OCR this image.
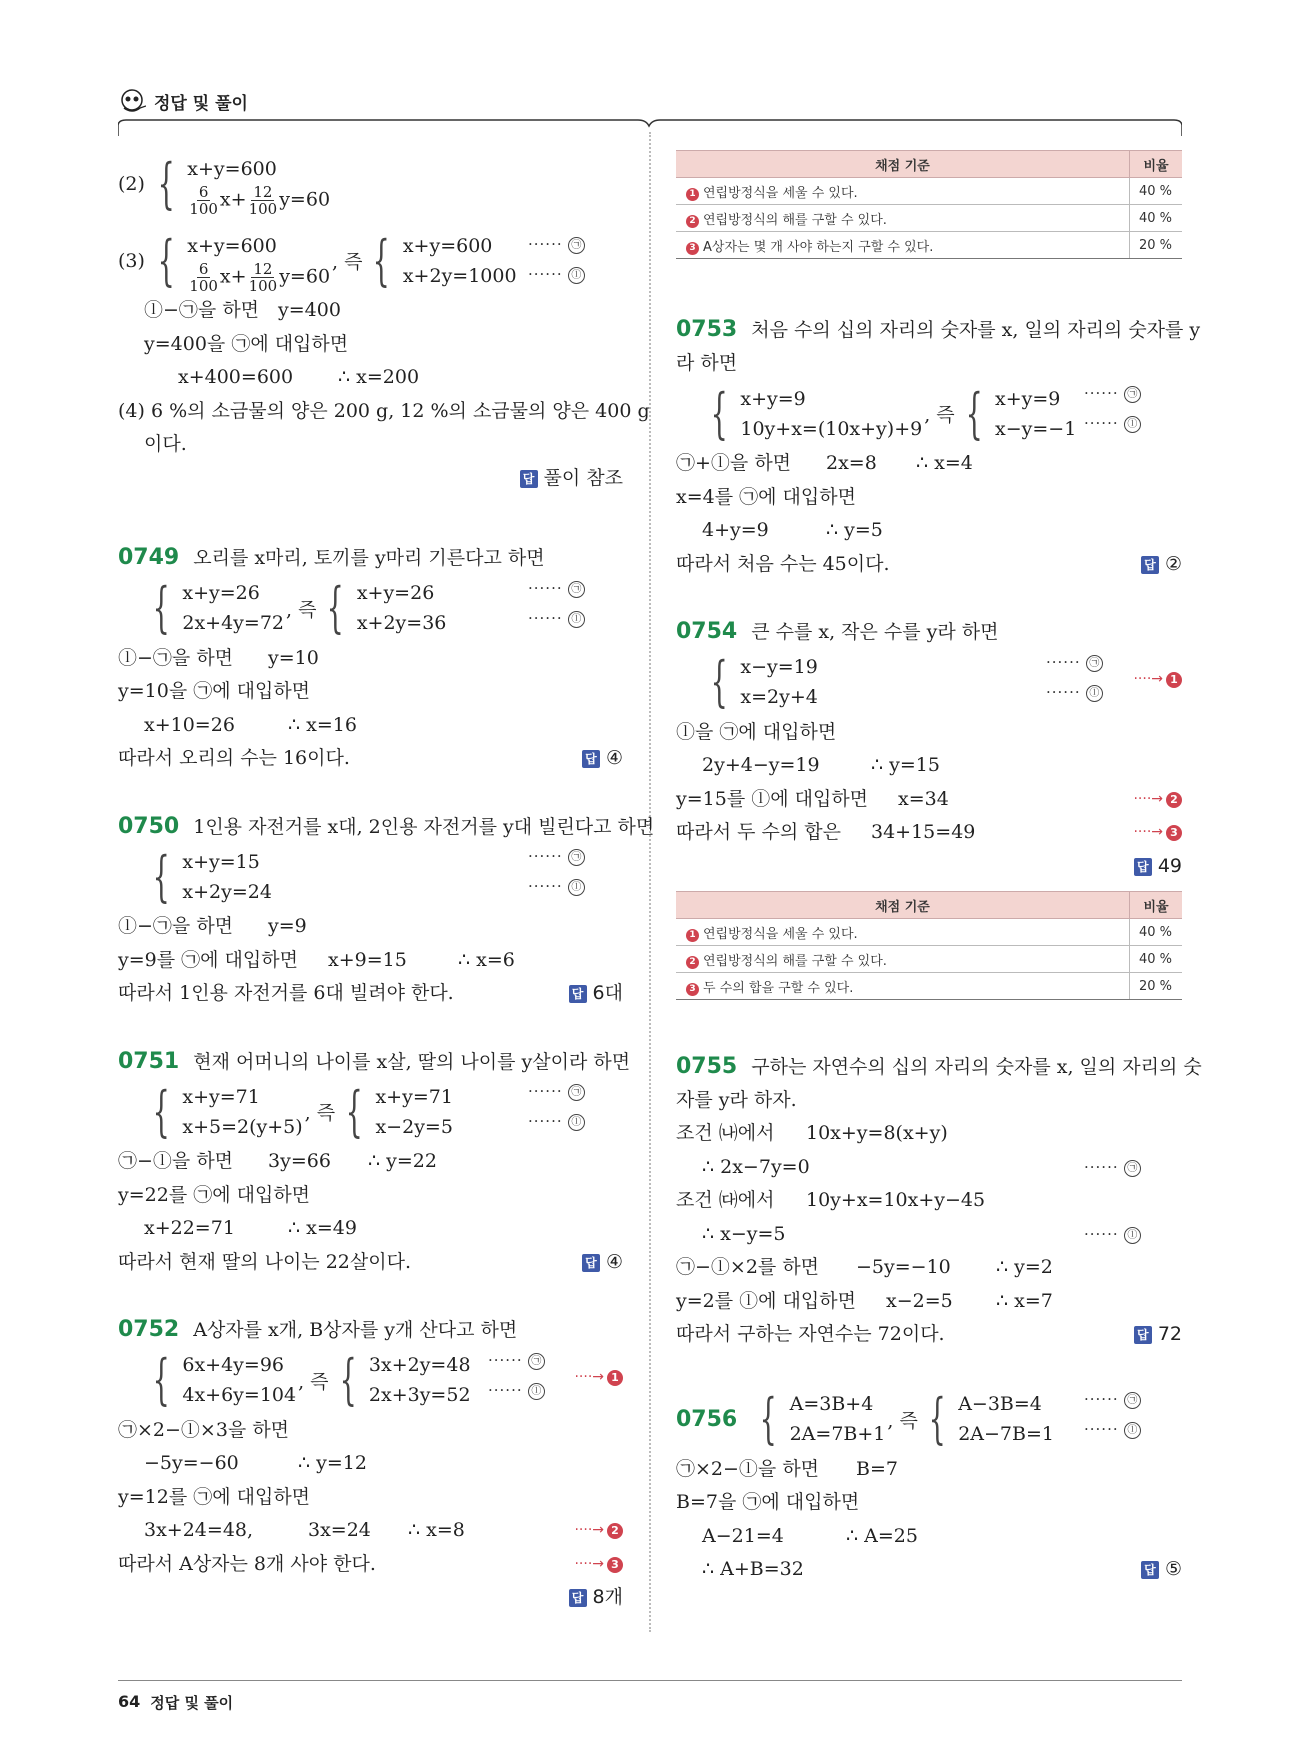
정답 및 풀이
(2) { x+y=600
$\frac{6}{100} x+ \frac{12}{100} y=60$
(3) { x+y=600
$\frac{6}{100} x+ \frac{12}{100} y=60$
, 즉 { x+y=600
x+2y=1000
······ ㉠
······ ⓛ
ⓛ−㉠을 하면 y=400
y=400을 ㉠에 대입하면
x+400=600 ∴ x=200
(4) 6 %의 소금물의 양은 200 g, 12 %의 소금물의 양은 400 g
이다.
답 풀이 참조
0749 오리를 x마리, 토끼를 y마리 기른다고 하면
{ x+y=26
2x+4y=72
, 즉 { x+y=26
x+2y=36
······ ㉠
······ ⓛ
ⓛ−㉠을 하면 y=10
y=10을 ㉠에 대입하면
x+10=26	∴ x=16
따라서 오리의 수는 16이다.	답 ④
0750 1인용 자전거를 x대, 2인용 자전거를 y대 빌린다고 하면
{ x+y=15
x+2y=24
······ ㉠
······ ⓛ
ⓛ−㉠을 하면 y=9
y=9를 ㉠에 대입하면 x+9=15	∴ x=6
따라서 1인용 자전거를 6대 빌려야 한다.	답 6대
0751 현재 어머니의 나이를 x살, 딸의 나이를 y살이라 하면
{ x+y=71
x+5=2(y+5)
, 즉 { x+y=71
x−2y=5
······ ㉠
······ ⓛ
㉠−ⓛ을 하면 3y=66 ∴ y=22
y=22를 ㉠에 대입하면
x+22=71	∴ x=49
따라서 현재 딸의 나이는 22살이다.	답 ④
0752 A상자를 x개, B상자를 y개 산다고 하면
{ 6x+4y=96
4x+6y=104
, 즉 { 3x+2y=48
2x+3y=52
······ ㉠
······ ⓛ
····→ 1
㉠×2−ⓛ×3을 하면
−5y=−60	∴ y=12
y=12를 ㉠에 대입하면
3x+24=48,	3x=24 ∴ x=8	····→ 2
따라서 A상자는 8개 사야 한다.	····→ 3
답 8개
채점 기준	비율
1 연립방정식을 세울 수 있다.	40 %
2 연립방정식의 해를 구할 수 있다.	40 %
3 A상자는 몇 개 사야 하는지 구할 수 있다.	20 %
0753 처음 수의 십의 자리의 숫자를 x, 일의 자리의 숫자를 y
라 하면
{ x+y=9
10y+x=(10x+y)+9
, 즉 { x+y=9
x−y=−1
······ ㉠
······ ⓛ
㉠+ⓛ을 하면 2x=8 ∴ x=4
x=4를 ㉠에 대입하면
4+y=9	∴ y=5
따라서 처음 수는 45이다.	답 ②
0754 큰 수를 x, 작은 수를 y라 하면
{ x−y=19
x=2y+4
······ ㉠
······ ⓛ
····→ 1
ⓛ을 ㉠에 대입하면
2y+4−y=19	∴ y=15
y=15를 ⓛ에 대입하면 x=34	····→ 2
따라서 두 수의 합은 34+15=49	····→ 3
답 49
채점 기준	비율
1 연립방정식을 세울 수 있다.	40 %
2 연립방정식의 해를 구할 수 있다.	40 %
3 두 수의 합을 구할 수 있다.	20 %
0755 구하는 자연수의 십의 자리의 숫자를 x, 일의 자리의 숫
자를 y라 하자.
조건 ㈏에서 10x+y=8(x+y)
∴ 2x−7y=0	······ ㉠
조건 ㈐에서 10y+x=10x+y−45
∴ x−y=5	······ ⓛ
㉠−ⓛ×2를 하면 −5y=−10 ∴ y=2
y=2를 ⓛ에 대입하면 x−2=5 ∴ x=7
따라서 구하는 자연수는 72이다.	답 72
0756 { A=3B+4
2A=7B+1
, 즉 { A−3B=4
2A−7B=1
······ ㉠
······ ⓛ
㉠×2−ⓛ을 하면 B=7
B=7을 ㉠에 대입하면
A−21=4	∴ A=25
∴ A+B=32	답 ⑤
64 정답 및 풀이
